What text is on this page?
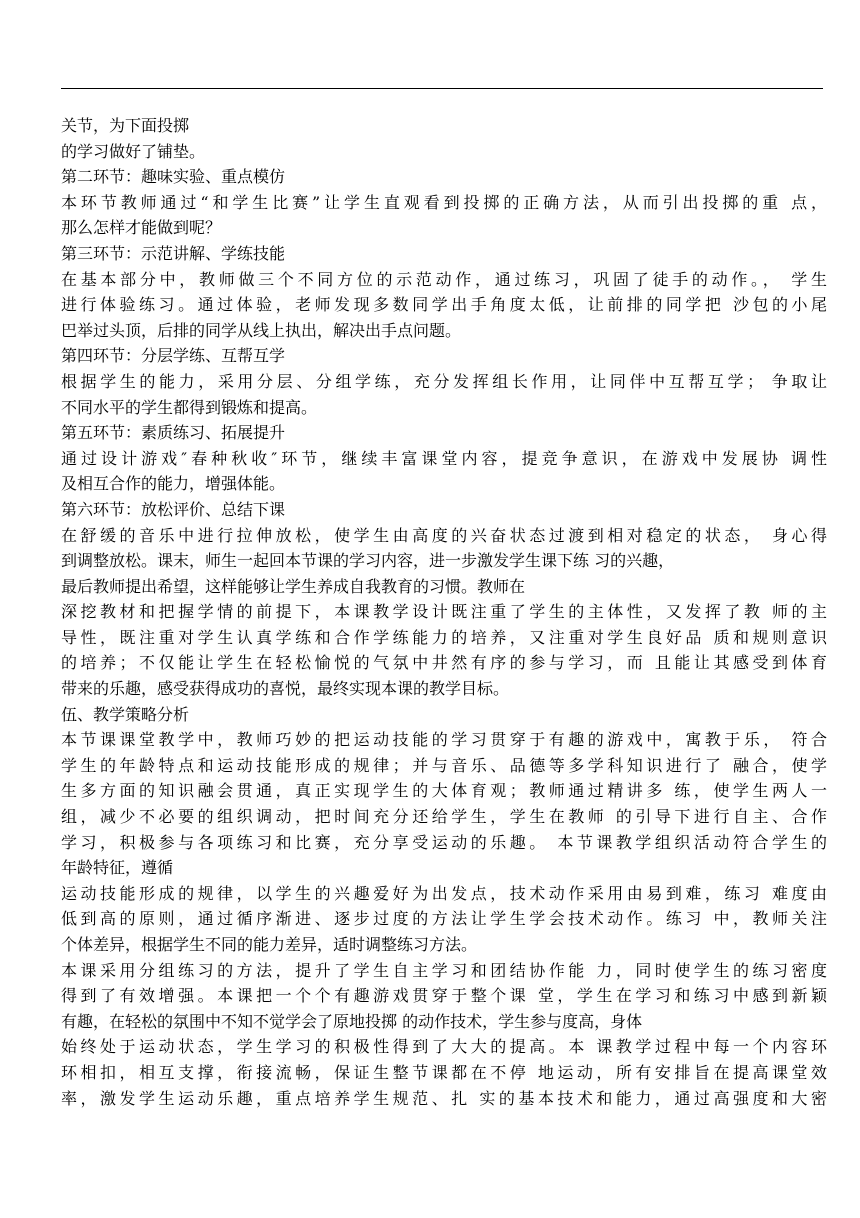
关节，为下面投掷
的学习做好了铺垫。
第二环节：趣味实验、重点模仿
本环节教师通过“和学生比赛”让学生直观看到投掷的正确方法，从而引出投掷的重 点，
那么怎样才能做到呢？
第三环节：示范讲解、学练技能
在基本部分中，教师做三个不同方位的示范动作，通过练习，巩固了徒手的动作。， 学生
进行体验练习。通过体验，老师发现多数同学出手角度太低，让前排的同学把 沙包的小尾
巴举过头顶，后排的同学从线上执出，解决出手点问题。
第四环节：分层学练、互帮互学
根据学生的能力，采用分层、分组学练，充分发挥组长作用，让同伴中互帮互学； 争取让
不同水平的学生都得到锻炼和提高。
第五环节：素质练习、拓展提升
通过设计游戏″春种秋收″环节，继续丰富课堂内容，提竞争意识，在游戏中发展协 调性
及相互合作的能力，增强体能。
第六环节：放松评价、总结下课
在舒缓的音乐中进行拉伸放松，使学生由高度的兴奋状态过渡到相对稳定的状态， 身心得
到调整放松。课末，师生一起回本节课的学习内容，进一步激发学生课下练 习的兴趣，
最后教师提出希望，这样能够让学生养成自我教育的习惯。教师在
深挖教材和把握学情的前提下，本课教学设计既注重了学生的主体性，又发挥了教 师的主
导性，既注重对学生认真学练和合作学练能力的培养，又注重对学生良好品 质和规则意识
的培养；不仅能让学生在轻松愉悦的气氛中井然有序的参与学习，而 且能让其感受到体育
带来的乐趣，感受获得成功的喜悦，最终实现本课的教学目标。
伍、教学策略分析
本节课课堂教学中，教师巧妙的把运动技能的学习贯穿于有趣的游戏中，寓教于乐， 符合
学生的年龄特点和运动技能形成的规律；并与音乐、品德等多学科知识进行了 融合，使学
生多方面的知识融会贯通，真正实现学生的大体育观；教师通过精讲多 练，使学生两人一
组，减少不必要的组织调动，把时间充分还给学生，学生在教师 的引导下进行自主、合作
学习，积极参与各项练习和比赛，充分享受运动的乐趣。 本节课教学组织活动符合学生的
年龄特征，遵循
运动技能形成的规律，以学生的兴趣爱好为出发点，技术动作采用由易到难，练习 难度由
低到高的原则，通过循序渐进、逐步过度的方法让学生学会技术动作。练习 中，教师关注
个体差异，根据学生不同的能力差异，适时调整练习方法。
本课采用分组练习的方法，提升了学生自主学习和团结协作能 力，同时使学生的练习密度
得到了有效增强。本课把一个个有趣游戏贯穿于整个课 堂，学生在学习和练习中感到新颖
有趣，在轻松的氛围中不知不觉学会了原地投掷 的动作技术，学生参与度高，身体
始终处于运动状态，学生学习的积极性得到了大大的提高。本 课教学过程中每一个内容环
环相扣，相互支撑，衔接流畅，保证生整节课都在不停 地运动，所有安排旨在提高课堂效
率，激发学生运动乐趣，重点培养学生规范、扎 实的基本技术和能力，通过高强度和大密
